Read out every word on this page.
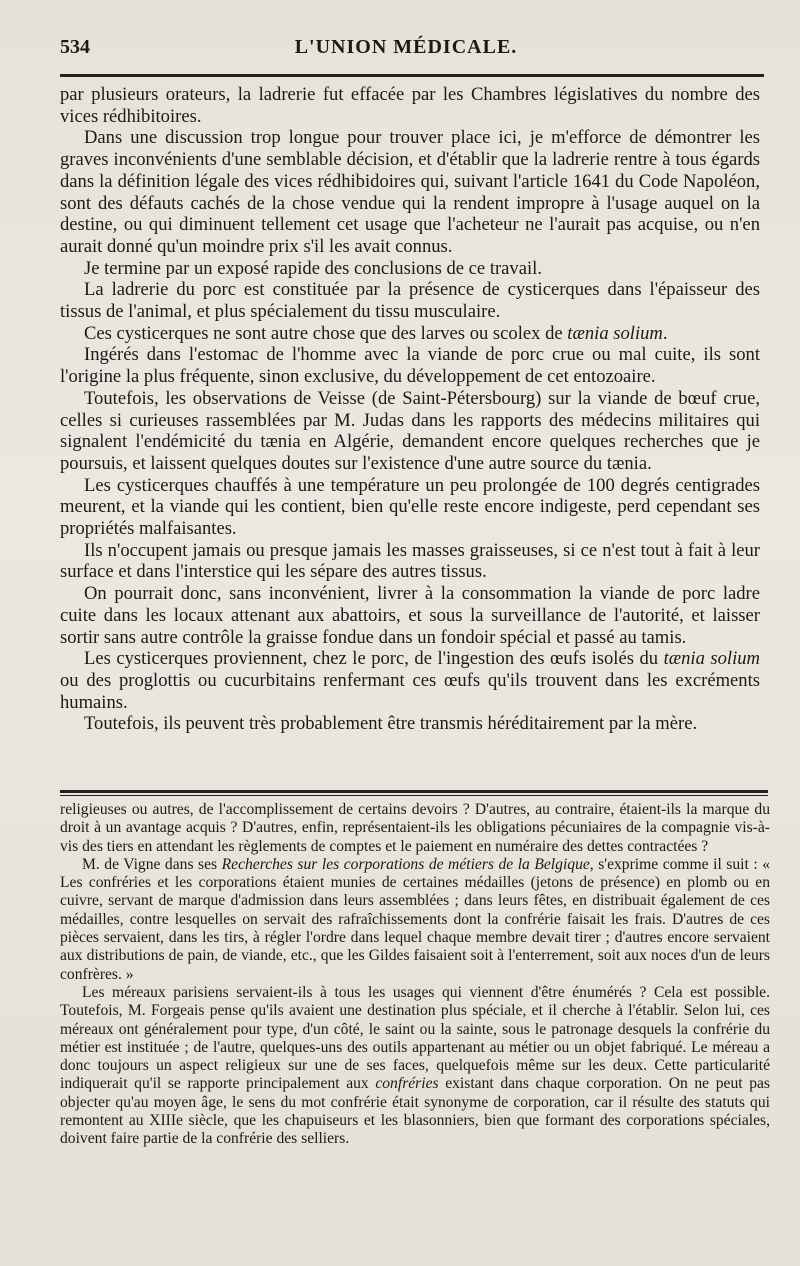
534	L'UNION MÉDICALE.

par plusieurs orateurs, la ladrerie fut effacée par les Chambres législatives du nombre des vices rédhibitoires.

Dans une discussion trop longue pour trouver place ici, je m'efforce de démontrer les graves inconvénients d'une semblable décision, et d'établir que la ladrerie rentre à tous égards dans la définition légale des vices rédhibidoires qui, suivant l'article 1641 du Code Napoléon, sont des défauts cachés de la chose vendue qui la rendent impropre à l'usage auquel on la destine, ou qui diminuent tellement cet usage que l'acheteur ne l'aurait pas acquise, ou n'en aurait donné qu'un moindre prix s'il les avait connus.

Je termine par un exposé rapide des conclusions de ce travail.

La ladrerie du porc est constituée par la présence de cysticerques dans l'épaisseur des tissus de l'animal, et plus spécialement du tissu musculaire.

Ces cysticerques ne sont autre chose que des larves ou scolex de tænia solium.

Ingérés dans l'estomac de l'homme avec la viande de porc crue ou mal cuite, ils sont l'origine la plus fréquente, sinon exclusive, du développement de cet entozoaire.

Toutefois, les observations de Veisse (de Saint-Pétersbourg) sur la viande de bœuf crue, celles si curieuses rassemblées par M. Judas dans les rapports des médecins militaires qui signalent l'endémicité du tænia en Algérie, demandent encore quelques recherches que je poursuis, et laissent quelques doutes sur l'existence d'une autre source du tænia.

Les cysticerques chauffés à une température un peu prolongée de 100 degrés centigrades meurent, et la viande qui les contient, bien qu'elle reste encore indigeste, perd cependant ses propriétés malfaisantes.

Ils n'occupent jamais ou presque jamais les masses graisseuses, si ce n'est tout à fait à leur surface et dans l'interstice qui les sépare des autres tissus.

On pourrait donc, sans inconvénient, livrer à la consommation la viande de porc ladre cuite dans les locaux attenant aux abattoirs, et sous la surveillance de l'autorité, et laisser sortir sans autre contrôle la graisse fondue dans un fondoir spécial et passé au tamis.

Les cysticerques proviennent, chez le porc, de l'ingestion des œufs isolés du tænia solium ou des proglottis ou cucurbitains renfermant ces œufs qu'ils trouvent dans les excréments humains.

Toutefois, ils peuvent très probablement être transmis héréditairement par la mère.

religieuses ou autres, de l'accomplissement de certains devoirs ? D'autres, au contraire, étaient-ils la marque du droit à un avantage acquis ? D'autres, enfin, représentaient-ils les obligations pécuniaires de la compagnie vis-à-vis des tiers en attendant les règlements de comptes et le paiement en numéraire des dettes contractées ?

M. de Vigne dans ses Recherches sur les corporations de métiers de la Belgique, s'exprime comme il suit : « Les confréries et les corporations étaient munies de certaines médailles (jetons de présence) en plomb ou en cuivre, servant de marque d'admission dans leurs assemblées ; dans leurs fêtes, en distribuait également de ces médailles, contre lesquelles on servait des rafraîchissements dont la confrérie faisait les frais. D'autres de ces pièces servaient, dans les tirs, à régler l'ordre dans lequel chaque membre devait tirer ; d'autres encore servaient aux distributions de pain, de viande, etc., que les Gildes faisaient soit à l'enterrement, soit aux noces d'un de leurs confrères. »

Les méreaux parisiens servaient-ils à tous les usages qui viennent d'être énumérés ? Cela est possible. Toutefois, M. Forgeais pense qu'ils avaient une destination plus spéciale, et il cherche à l'établir. Selon lui, ces méreaux ont généralement pour type, d'un côté, le saint ou la sainte, sous le patronage desquels la confrérie du métier est instituée ; de l'autre, quelques-uns des outils appartenant au métier ou un objet fabriqué. Le méreau a donc toujours un aspect religieux sur une de ses faces, quelquefois même sur les deux. Cette particularité indiquerait qu'il se rapporte principalement aux confréries existant dans chaque corporation. On ne peut pas objecter qu'au moyen âge, le sens du mot confrérie était synonyme de corporation, car il résulte des statuts qui remontent au XIIIe siècle, que les chapuiseurs et les blasonniers, bien que formant des corporations spéciales, doivent faire partie de la confrérie des selliers.
